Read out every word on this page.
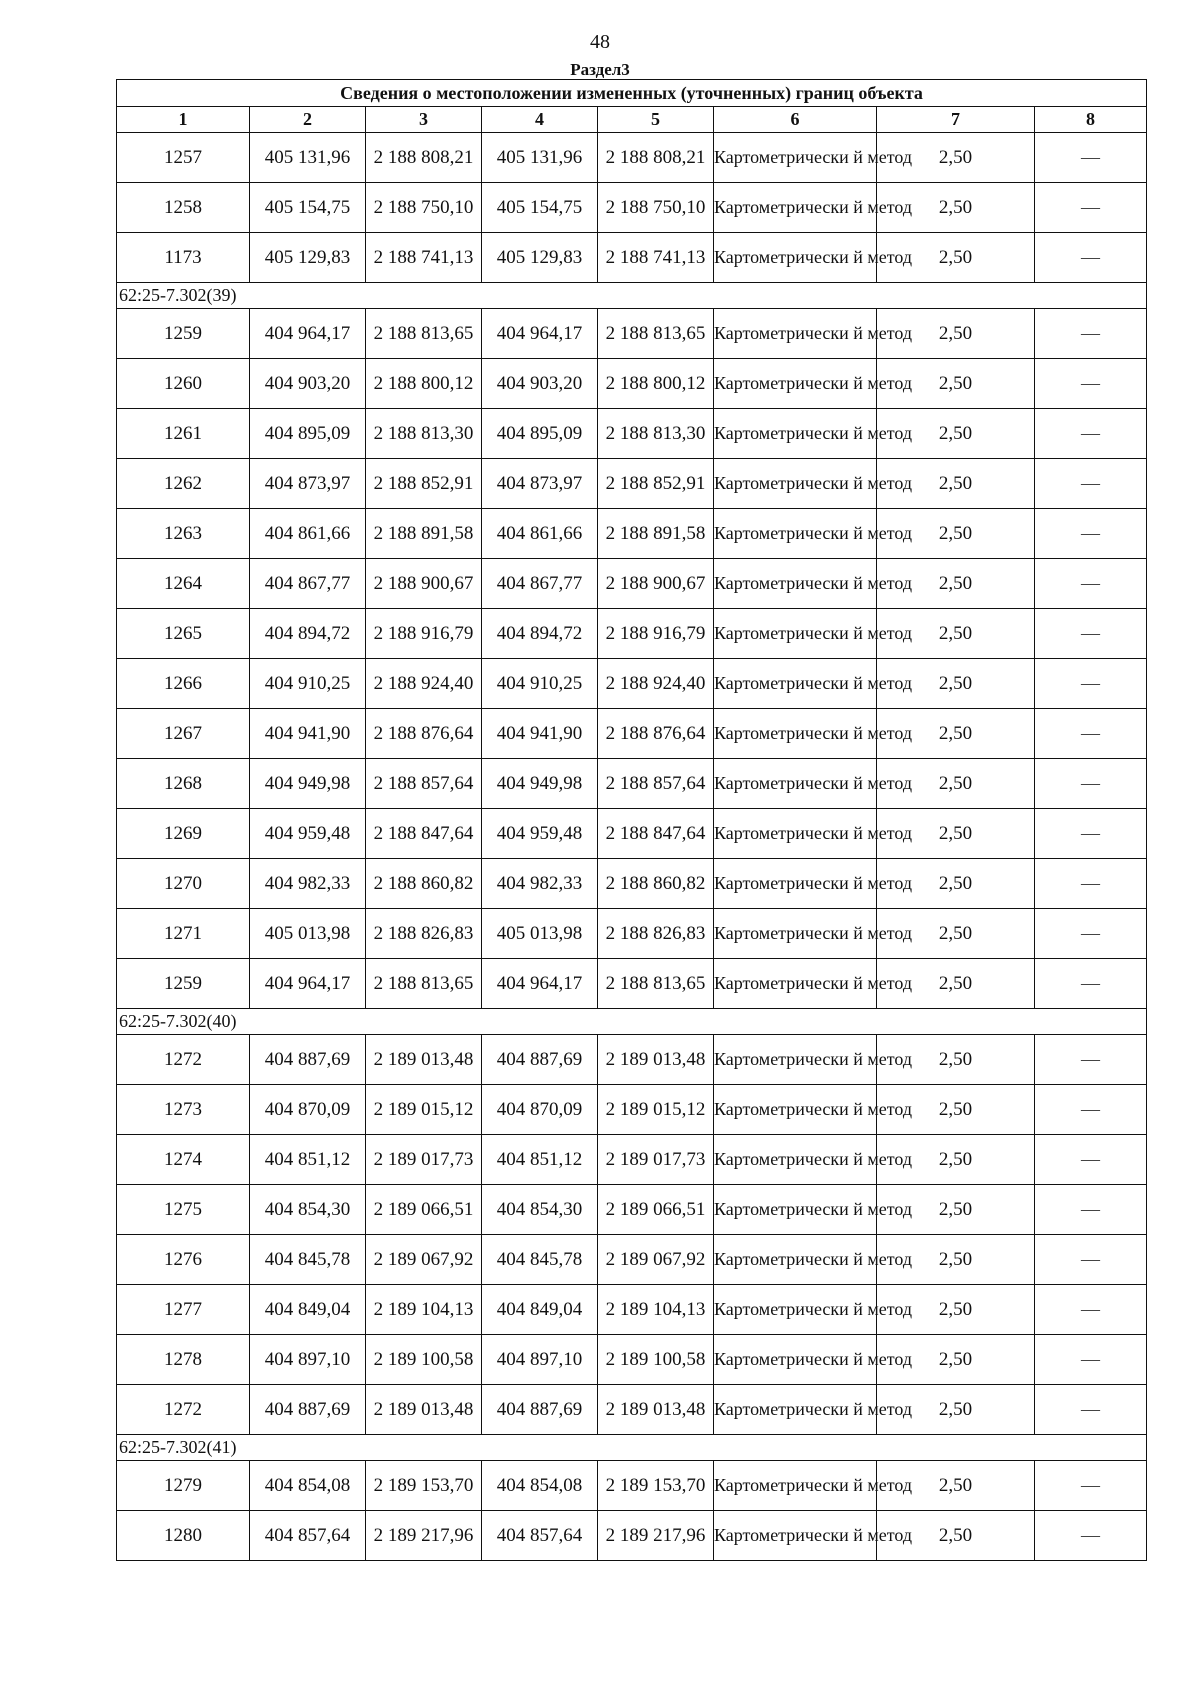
48
Раздел3
Сведения о местоположении измененных (уточненных) границ объекта							
1	2	3	4	5	6	7	8
1257	405 131,96	2 188 808,21	405 131,96	2 188 808,21	Картометрически й метод	2,50	—
1258	405 154,75	2 188 750,10	405 154,75	2 188 750,10	Картометрически й метод	2,50	—
1173	405 129,83	2 188 741,13	405 129,83	2 188 741,13	Картометрически й метод	2,50	—
62:25-7.302(39)							
1259	404 964,17	2 188 813,65	404 964,17	2 188 813,65	Картометрически й метод	2,50	—
1260	404 903,20	2 188 800,12	404 903,20	2 188 800,12	Картометрически й метод	2,50	—
1261	404 895,09	2 188 813,30	404 895,09	2 188 813,30	Картометрически й метод	2,50	—
1262	404 873,97	2 188 852,91	404 873,97	2 188 852,91	Картометрически й метод	2,50	—
1263	404 861,66	2 188 891,58	404 861,66	2 188 891,58	Картометрически й метод	2,50	—
1264	404 867,77	2 188 900,67	404 867,77	2 188 900,67	Картометрически й метод	2,50	—
1265	404 894,72	2 188 916,79	404 894,72	2 188 916,79	Картометрически й метод	2,50	—
1266	404 910,25	2 188 924,40	404 910,25	2 188 924,40	Картометрически й метод	2,50	—
1267	404 941,90	2 188 876,64	404 941,90	2 188 876,64	Картометрически й метод	2,50	—
1268	404 949,98	2 188 857,64	404 949,98	2 188 857,64	Картометрически й метод	2,50	—
1269	404 959,48	2 188 847,64	404 959,48	2 188 847,64	Картометрически й метод	2,50	—
1270	404 982,33	2 188 860,82	404 982,33	2 188 860,82	Картометрически й метод	2,50	—
1271	405 013,98	2 188 826,83	405 013,98	2 188 826,83	Картометрически й метод	2,50	—
1259	404 964,17	2 188 813,65	404 964,17	2 188 813,65	Картометрически й метод	2,50	—
62:25-7.302(40)							
1272	404 887,69	2 189 013,48	404 887,69	2 189 013,48	Картометрически й метод	2,50	—
1273	404 870,09	2 189 015,12	404 870,09	2 189 015,12	Картометрически й метод	2,50	—
1274	404 851,12	2 189 017,73	404 851,12	2 189 017,73	Картометрически й метод	2,50	—
1275	404 854,30	2 189 066,51	404 854,30	2 189 066,51	Картометрически й метод	2,50	—
1276	404 845,78	2 189 067,92	404 845,78	2 189 067,92	Картометрически й метод	2,50	—
1277	404 849,04	2 189 104,13	404 849,04	2 189 104,13	Картометрически й метод	2,50	—
1278	404 897,10	2 189 100,58	404 897,10	2 189 100,58	Картометрически й метод	2,50	—
1272	404 887,69	2 189 013,48	404 887,69	2 189 013,48	Картометрически й метод	2,50	—
62:25-7.302(41)							
1279	404 854,08	2 189 153,70	404 854,08	2 189 153,70	Картометрически й метод	2,50	—
1280	404 857,64	2 189 217,96	404 857,64	2 189 217,96	Картометрически й метод	2,50	—
